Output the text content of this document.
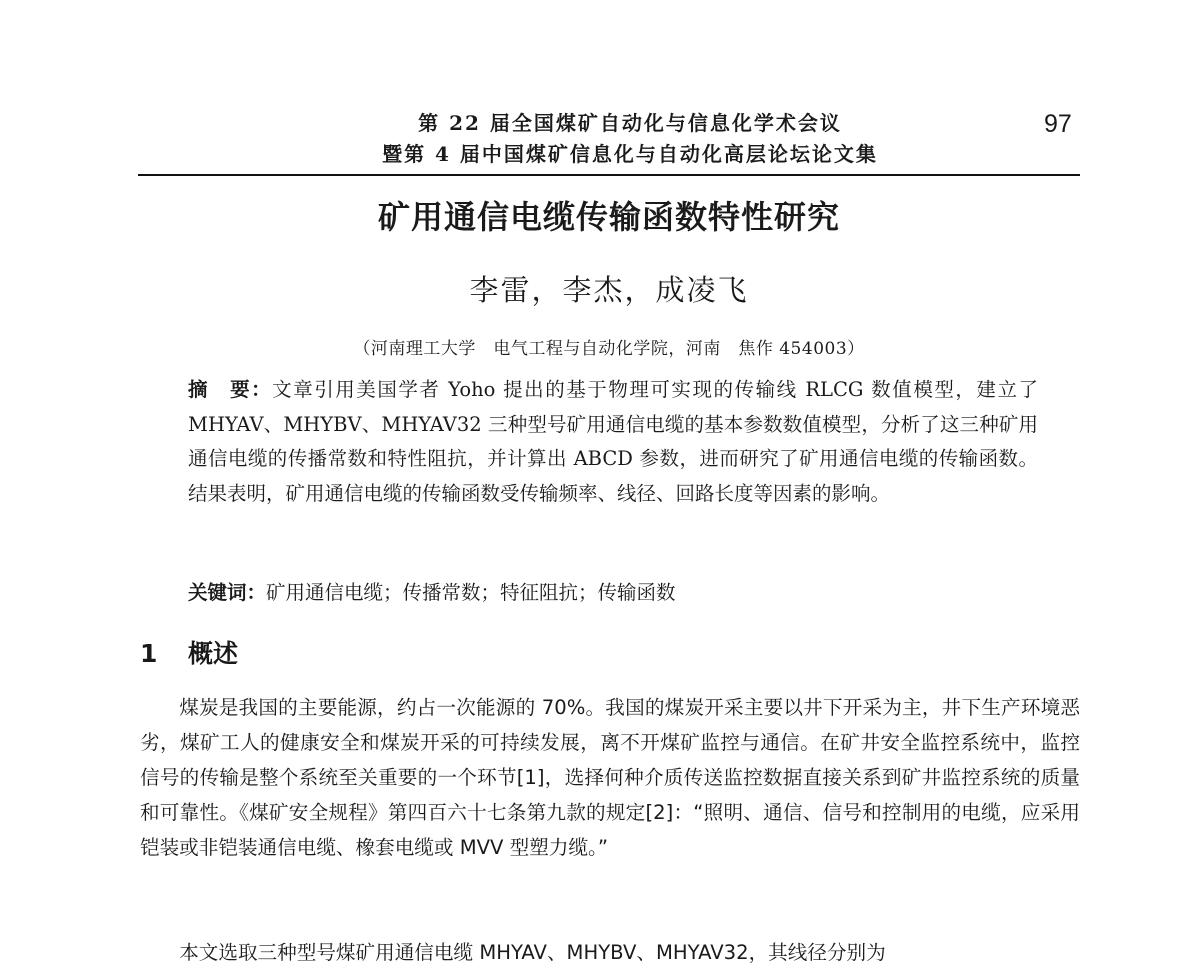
第 22 届全国煤矿自动化与信息化学术会议
暨第 4 届中国煤矿信息化与自动化高层论坛论文集
97
矿用通信电缆传输函数特性研究
李雷，李杰，成凌飞
（河南理工大学　电气工程与自动化学院，河南　焦作 454003）
摘　要：文章引用美国学者 Yoho 提出的基于物理可实现的传输线 RLCG 数值模型，建立了 MHYAV、MHYBV、MHYAV32 三种型号矿用通信电缆的基本参数数值模型，分析了这三种矿用通信电缆的传播常数和特性阻抗，并计算出 ABCD 参数，进而研究了矿用通信电缆的传输函数。结果表明，矿用通信电缆的传输函数受传输频率、线径、回路长度等因素的影响。
关键词：矿用通信电缆；传播常数；特征阻抗；传输函数
1 概述
煤炭是我国的主要能源，约占一次能源的 70%。我国的煤炭开采主要以井下开采为主，井下生产环境恶劣，煤矿工人的健康安全和煤炭开采的可持续发展，离不开煤矿监控与通信。在矿井安全监控系统中，监控信号的传输是整个系统至关重要的一个环节[1]，选择何种介质传送监控数据直接关系到矿井监控系统的质量和可靠性。《煤矿安全规程》第四百六十七条第九款的规定[2]：“照明、通信、信号和控制用的电缆，应采用铠装或非铠装通信电缆、橡套电缆或 MVV 型塑力缆。”
本文选取三种型号煤矿用通信电缆 MHYAV、MHYBV、MHYAV32，其线径分别为
